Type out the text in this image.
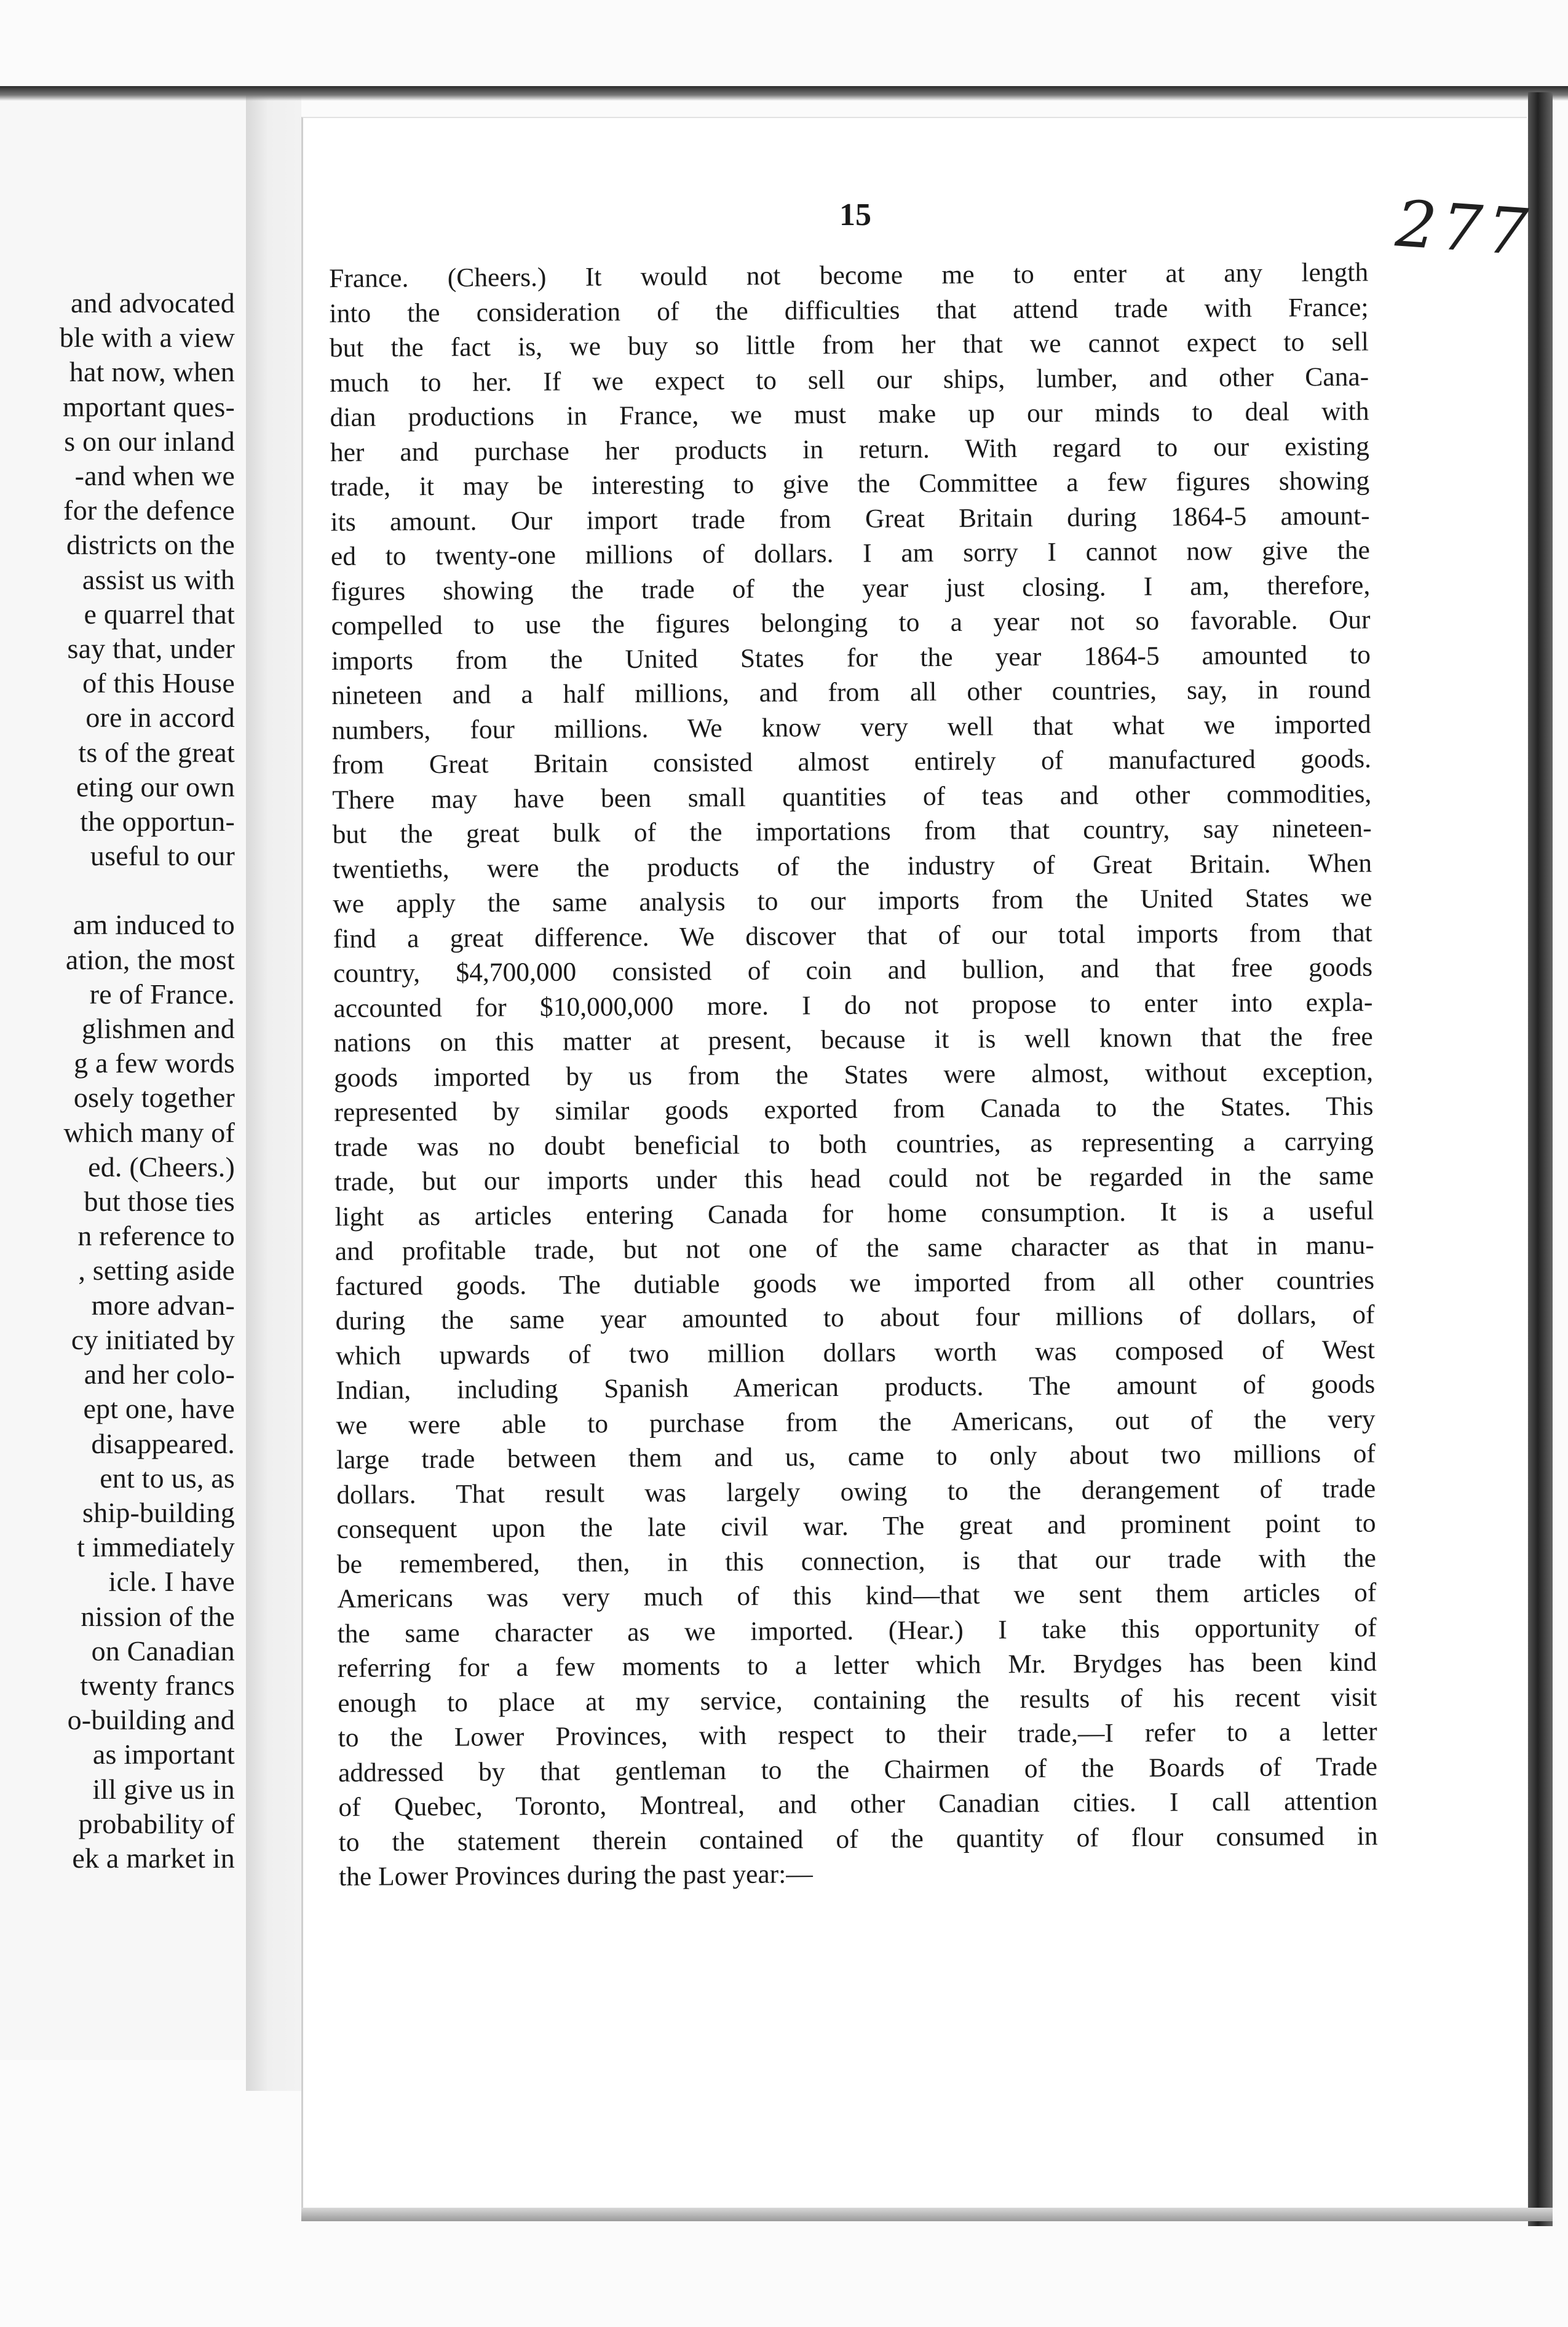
and advocated
ble with a view
hat now, when
mportant ques-
s on our inland
-and when we
for the defence
districts on the
assist us with
e quarrel that
say that, under
of this House
ore in accord
ts of the great
eting our own
the opportun-
useful to our
am induced to
ation, the most
re of France.
glishmen and
g a few words
osely together
which many of
ed. (Cheers.)
but those ties
n reference to
, setting aside
more advan-
cy initiated by
and her colo-
ept one, have
disappeared.
ent to us, as
ship-building
t immediately
icle. I have
nission of the
on Canadian
twenty francs
o-building and
as important
ill give us in
probability of
ek a market in
15	277
France. (Cheers.) It would not become me to enter at any length
into the consideration of the difficulties that attend trade with France;
but the fact is, we buy so little from her that we cannot expect to sell
much to her. If we expect to sell our ships, lumber, and other Cana-
dian productions in France, we must make up our minds to deal with
her and purchase her products in return. With regard to our existing
trade, it may be interesting to give the Committee a few figures showing
its amount. Our import trade from Great Britain during 1864-5 amount-
ed to twenty-one millions of dollars. I am sorry I cannot now give the
figures showing the trade of the year just closing. I am, therefore,
compelled to use the figures belonging to a year not so favorable. Our
imports from the United States for the year 1864-5 amounted to
nineteen and a half millions, and from all other countries, say, in round
numbers, four millions. We know very well that what we imported
from Great Britain consisted almost entirely of manufactured goods.
There may have been small quantities of teas and other commodities,
but the great bulk of the importations from that country, say nineteen-
twentieths, were the products of the industry of Great Britain. When
we apply the same analysis to our imports from the United States we
find a great difference. We discover that of our total imports from that
country, $4,700,000 consisted of coin and bullion, and that free goods
accounted for $10,000,000 more. I do not propose to enter into expla-
nations on this matter at present, because it is well known that the free
goods imported by us from the States were almost, without exception,
represented by similar goods exported from Canada to the States. This
trade was no doubt beneficial to both countries, as representing a carrying
trade, but our imports under this head could not be regarded in the same
light as articles entering Canada for home consumption. It is a useful
and profitable trade, but not one of the same character as that in manu-
factured goods. The dutiable goods we imported from all other countries
during the same year amounted to about four millions of dollars, of
which upwards of two million dollars worth was composed of West
Indian, including Spanish American products. The amount of goods
we were able to purchase from the Americans, out of the very
large trade between them and us, came to only about two millions of
dollars. That result was largely owing to the derangement of trade
consequent upon the late civil war. The great and prominent point to
be remembered, then, in this connection, is that our trade with the
Americans was very much of this kind—that we sent them articles of
the same character as we imported. (Hear.) I take this opportunity of
referring for a few moments to a letter which Mr. Brydges has been kind
enough to place at my service, containing the results of his recent visit
to the Lower Provinces, with respect to their trade,—I refer to a letter
addressed by that gentleman to the Chairmen of the Boards of Trade
of Quebec, Toronto, Montreal, and other Canadian cities. I call attention
to the statement therein contained of the quantity of flour consumed in
the Lower Provinces during the past year:—
